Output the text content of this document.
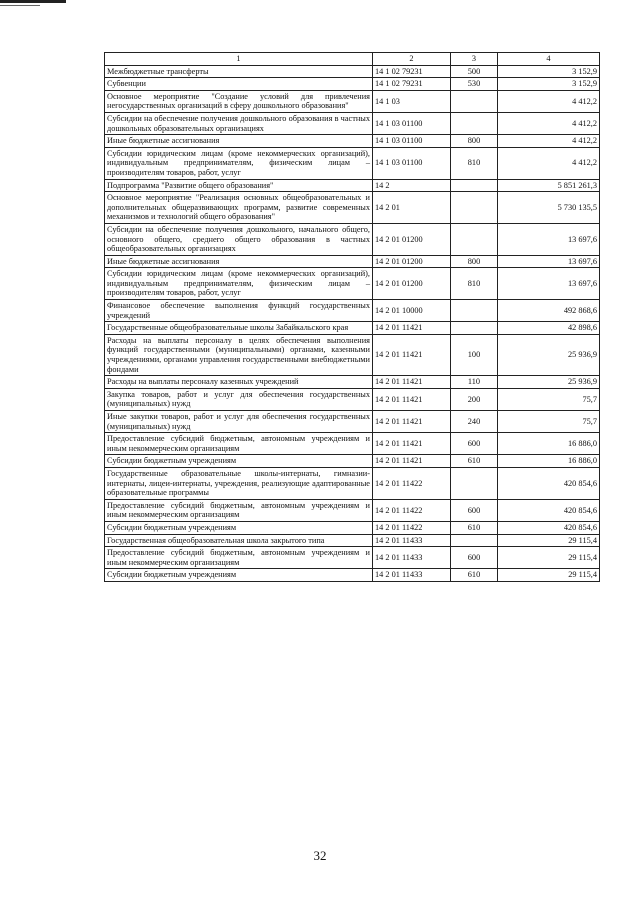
1	2	3	4
Межбюджетные трансферты	14 1 02 79231	500	3 152,9
Субвенции	14 1 02 79231	530	3 152,9
Основное мероприятие "Создание условий для привлечения негосударственных организаций в сферу дошкольного образования"	14 1 03		4 412,2
Субсидии на обеспечение получения дошкольного образования в частных дошкольных образовательных организациях	14 1 03 01100		4 412,2
Иные бюджетные ассигнования	14 1 03 01100	800	4 412,2
Субсидии юридическим лицам (кроме некоммерческих организаций), индивидуальным предпринимателям, физическим лицам – производителям товаров, работ, услуг	14 1 03 01100	810	4 412,2
Подпрограмма "Развитие общего образования"	14 2		5 851 261,3
Основное мероприятие "Реализация основных общеобразовательных и дополнительных общеразвивающих программ, развитие современных механизмов и технологий общего образования"	14 2 01		5 730 135,5
Субсидии на обеспечение получения дошкольного, начального общего, основного общего, среднего общего образования в частных общеобразовательных организациях	14 2 01 01200		13 697,6
Иные бюджетные ассигнования	14 2 01 01200	800	13 697,6
Субсидии юридическим лицам (кроме некоммерческих организаций), индивидуальным предпринимателям, физическим лицам – производителям товаров, работ, услуг	14 2 01 01200	810	13 697,6
Финансовое обеспечение выполнения функций государственных учреждений	14 2 01 10000		492 868,6
Государственные общеобразовательные школы Забайкальского края	14 2 01 11421		42 898,6
Расходы на выплаты персоналу в целях обеспечения выполнения функций государственными (муниципальными) органами, казенными учреждениями, органами управления государственными внебюджетными фондами	14 2 01 11421	100	25 936,9
Расходы на выплаты персоналу казенных учреждений	14 2 01 11421	110	25 936,9
Закупка товаров, работ и услуг для обеспечения государственных (муниципальных) нужд	14 2 01 11421	200	75,7
Иные закупки товаров, работ и услуг для обеспечения государственных (муниципальных) нужд	14 2 01 11421	240	75,7
Предоставление субсидий бюджетным, автономным учреждениям и иным некоммерческим организациям	14 2 01 11421	600	16 886,0
Субсидии бюджетным учреждениям	14 2 01 11421	610	16 886,0
Государственные образовательные школы-интернаты, гимназии-интернаты, лицеи-интернаты, учреждения, реализующие адаптированные образовательные программы	14 2 01 11422		420 854,6
Предоставление субсидий бюджетным, автономным учреждениям и иным некоммерческим организациям	14 2 01 11422	600	420 854,6
Субсидии бюджетным учреждениям	14 2 01 11422	610	420 854,6
Государственная общеобразовательная школа закрытого типа	14 2 01 11433		29 115,4
Предоставление субсидий бюджетным, автономным учреждениям и иным некоммерческим организациям	14 2 01 11433	600	29 115,4
Субсидии бюджетным учреждениям	14 2 01 11433	610	29 115,4
32
